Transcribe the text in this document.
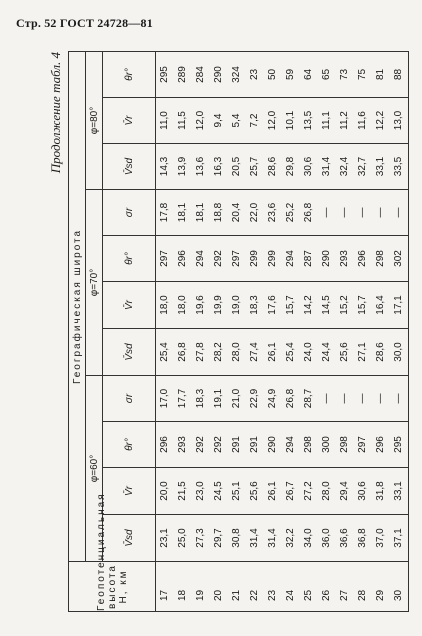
Стр. 52 ГОСТ 24728—81
Продолжение табл. 4
Геопотенциальная высота H, км	Географическая широта										
	φ=60°				φ=70°				φ=80°		
	V̄sd	V̄r	θr°	σr	V̄sd	V̄r	θr°	σr	V̄sd	V̄r	θr°
17	23,1	20,0	296	17,0	25,4	18,0	297	17,8	14,3	11,0	295
18	25,0	21,5	293	17,7	26,8	18,0	296	18,1	13,9	11,5	289
19	27,3	23,0	292	18,3	27,8	19,6	294	18,1	13,6	12,0	284
20	29,7	24,5	292	19,1	28,2	19,9	292	18,8	16,3	9,4	290
21	30,8	25,1	291	21,0	28,0	19,0	297	20,4	20,5	5,4	324
22	31,4	25,6	291	22,9	27,4	18,3	299	22,0	25,7	7,2	23
23	31,4	26,1	290	24,9	26,1	17,6	299	23,6	28,6	12,0	50
24	32,2	26,7	294	26,8	25,4	15,7	294	25,2	29,8	10,1	59
25	34,0	27,2	298	28,7	24,0	14,2	287	26,8	30,6	13,5	64
26	36,0	28,0	300	—	24,4	14,5	290	—	31,4	11,1	65
27	36,6	29,4	298	—	25,6	15,2	293	—	32,4	11,2	73
28	36,8	30,6	297	—	27,1	15,7	296	—	32,7	11,6	75
29	37,0	31,8	296	—	28,6	16,4	298	—	33,1	12,2	81
30	37,1	33,1	295	—	30,0	17,1	302	—	33,5	13,0	88
